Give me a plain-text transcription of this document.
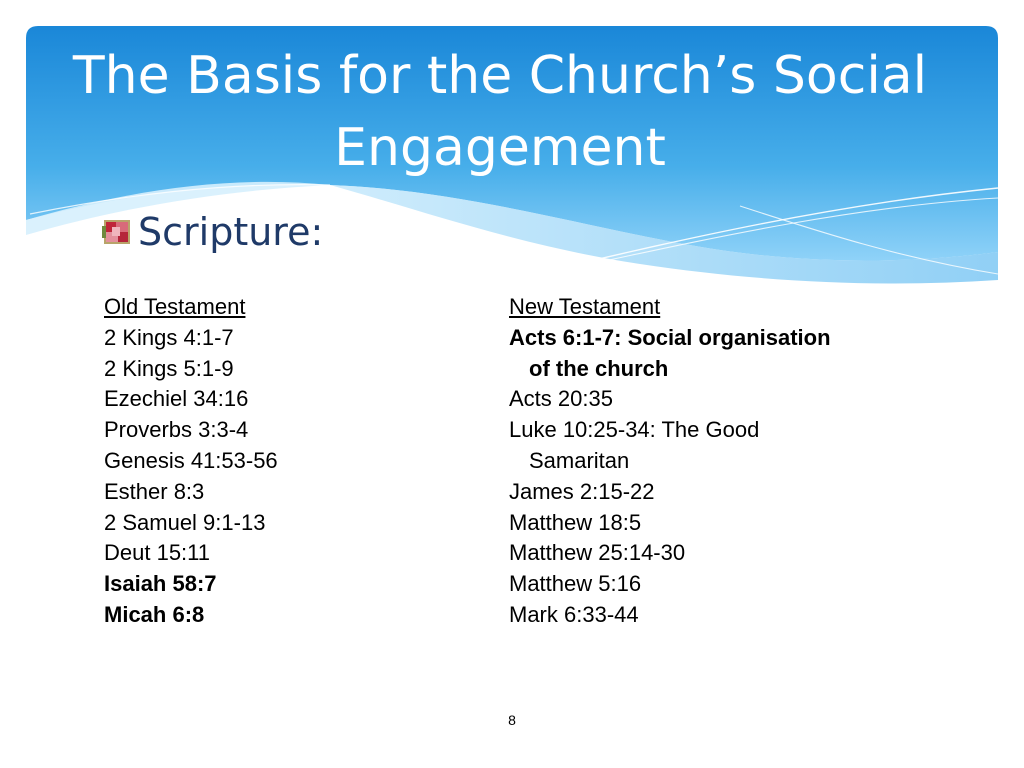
The Basis for the Church’s Social
Engagement
Scripture:
Old Testament
2 Kings 4:1-7
2 Kings 5:1-9
Ezechiel 34:16
Proverbs 3:3-4
Genesis 41:53-56
Esther 8:3
2 Samuel 9:1-13
Deut 15:11
Isaiah 58:7
Micah 6:8
New Testament
Acts 6:1-7: Social organisation
of the church
Acts 20:35
Luke 10:25-34: The Good
Samaritan
James 2:15-22
Matthew 18:5
Matthew 25:14-30
Matthew 5:16
Mark 6:33-44
8
